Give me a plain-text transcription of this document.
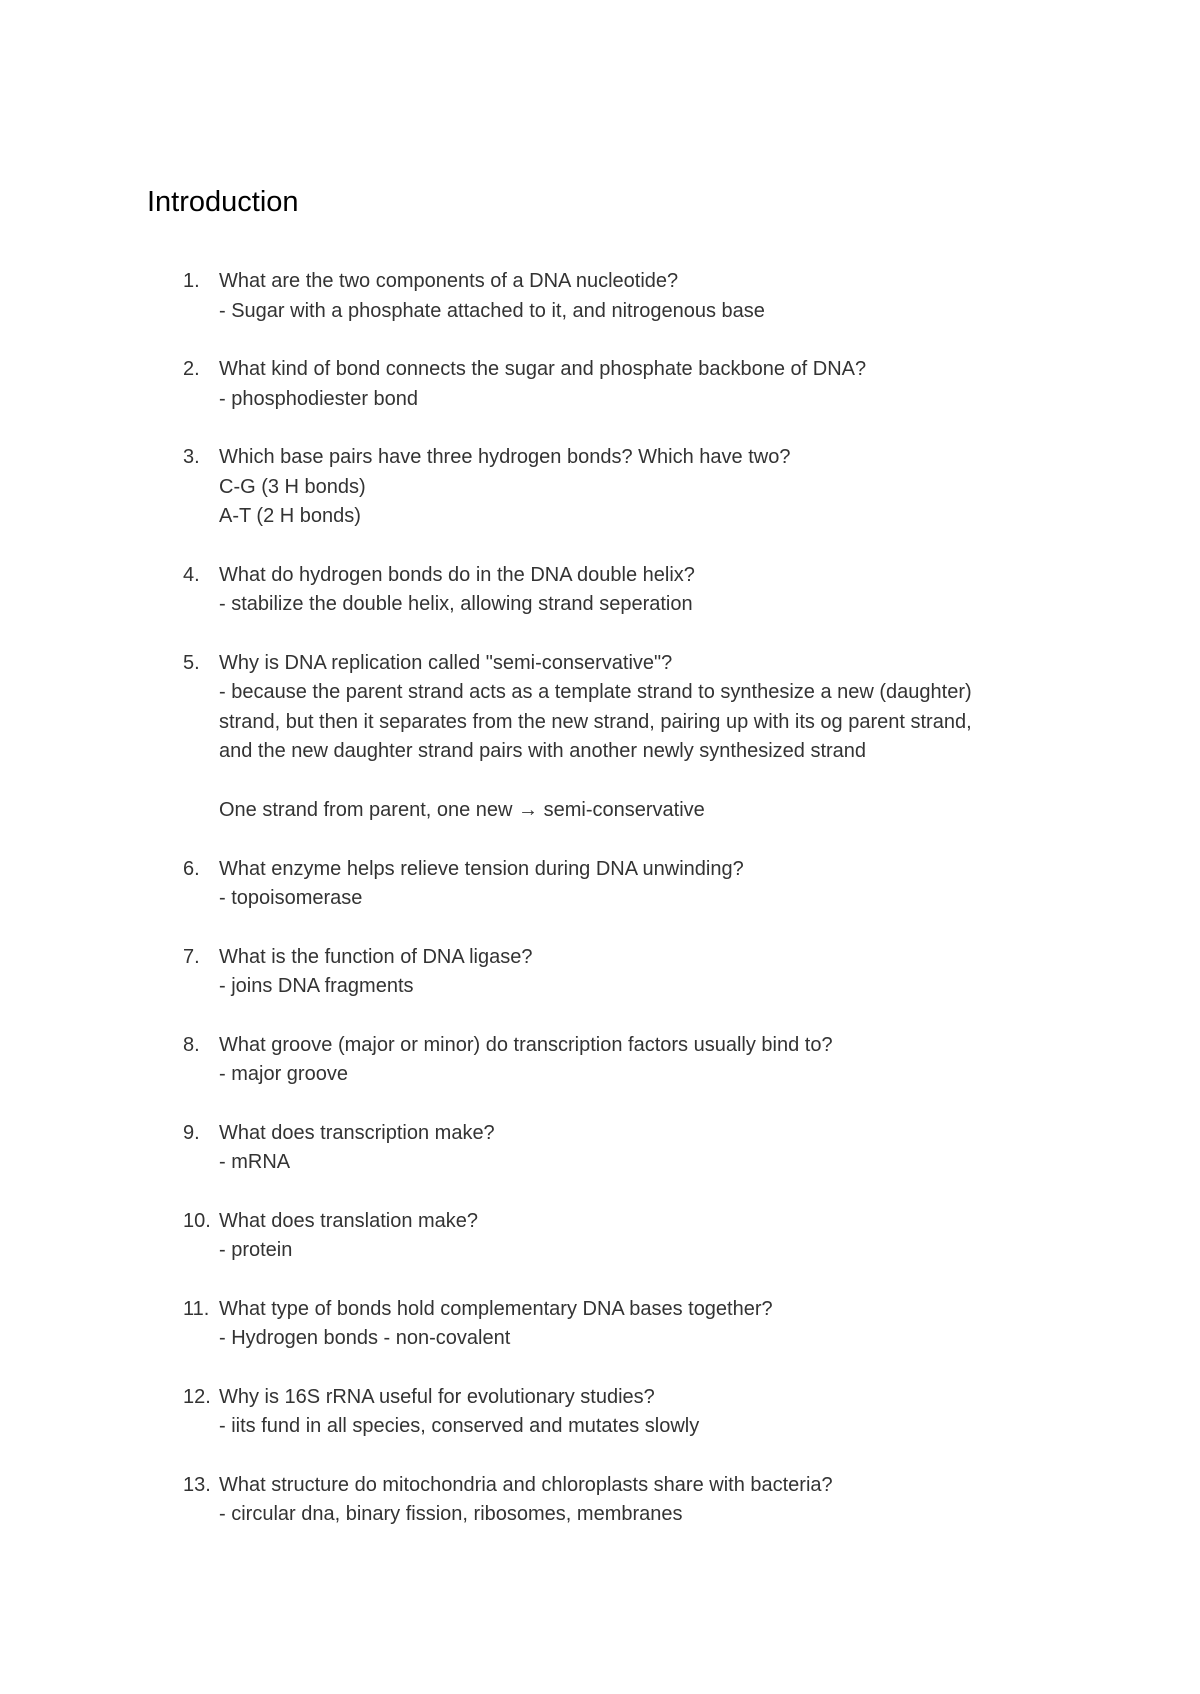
Introduction
1. What are the two components of a DNA nucleotide?
- Sugar with a phosphate attached to it, and nitrogenous base
2. What kind of bond connects the sugar and phosphate backbone of DNA?
- phosphodiester bond
3. Which base pairs have three hydrogen bonds? Which have two?
C-G (3 H bonds)
A-T (2 H bonds)
4. What do hydrogen bonds do in the DNA double helix?
- stabilize the double helix, allowing strand seperation
5. Why is DNA replication called "semi-conservative"?
- because the parent strand acts as a template strand to synthesize a new (daughter)
strand, but then it separates from the new strand, pairing up with its og parent strand,
and the new daughter strand pairs with another newly synthesized strand
One strand from parent, one new → semi-conservative
6. What enzyme helps relieve tension during DNA unwinding?
- topoisomerase
7. What is the function of DNA ligase?
- joins DNA fragments
8. What groove (major or minor) do transcription factors usually bind to?
- major groove
9. What does transcription make?
- mRNA
10. What does translation make?
- protein
11. What type of bonds hold complementary DNA bases together?
- Hydrogen bonds - non-covalent
12. Why is 16S rRNA useful for evolutionary studies?
- iits fund in all species, conserved and mutates slowly
13. What structure do mitochondria and chloroplasts share with bacteria?
- circular dna, binary fission, ribosomes, membranes
